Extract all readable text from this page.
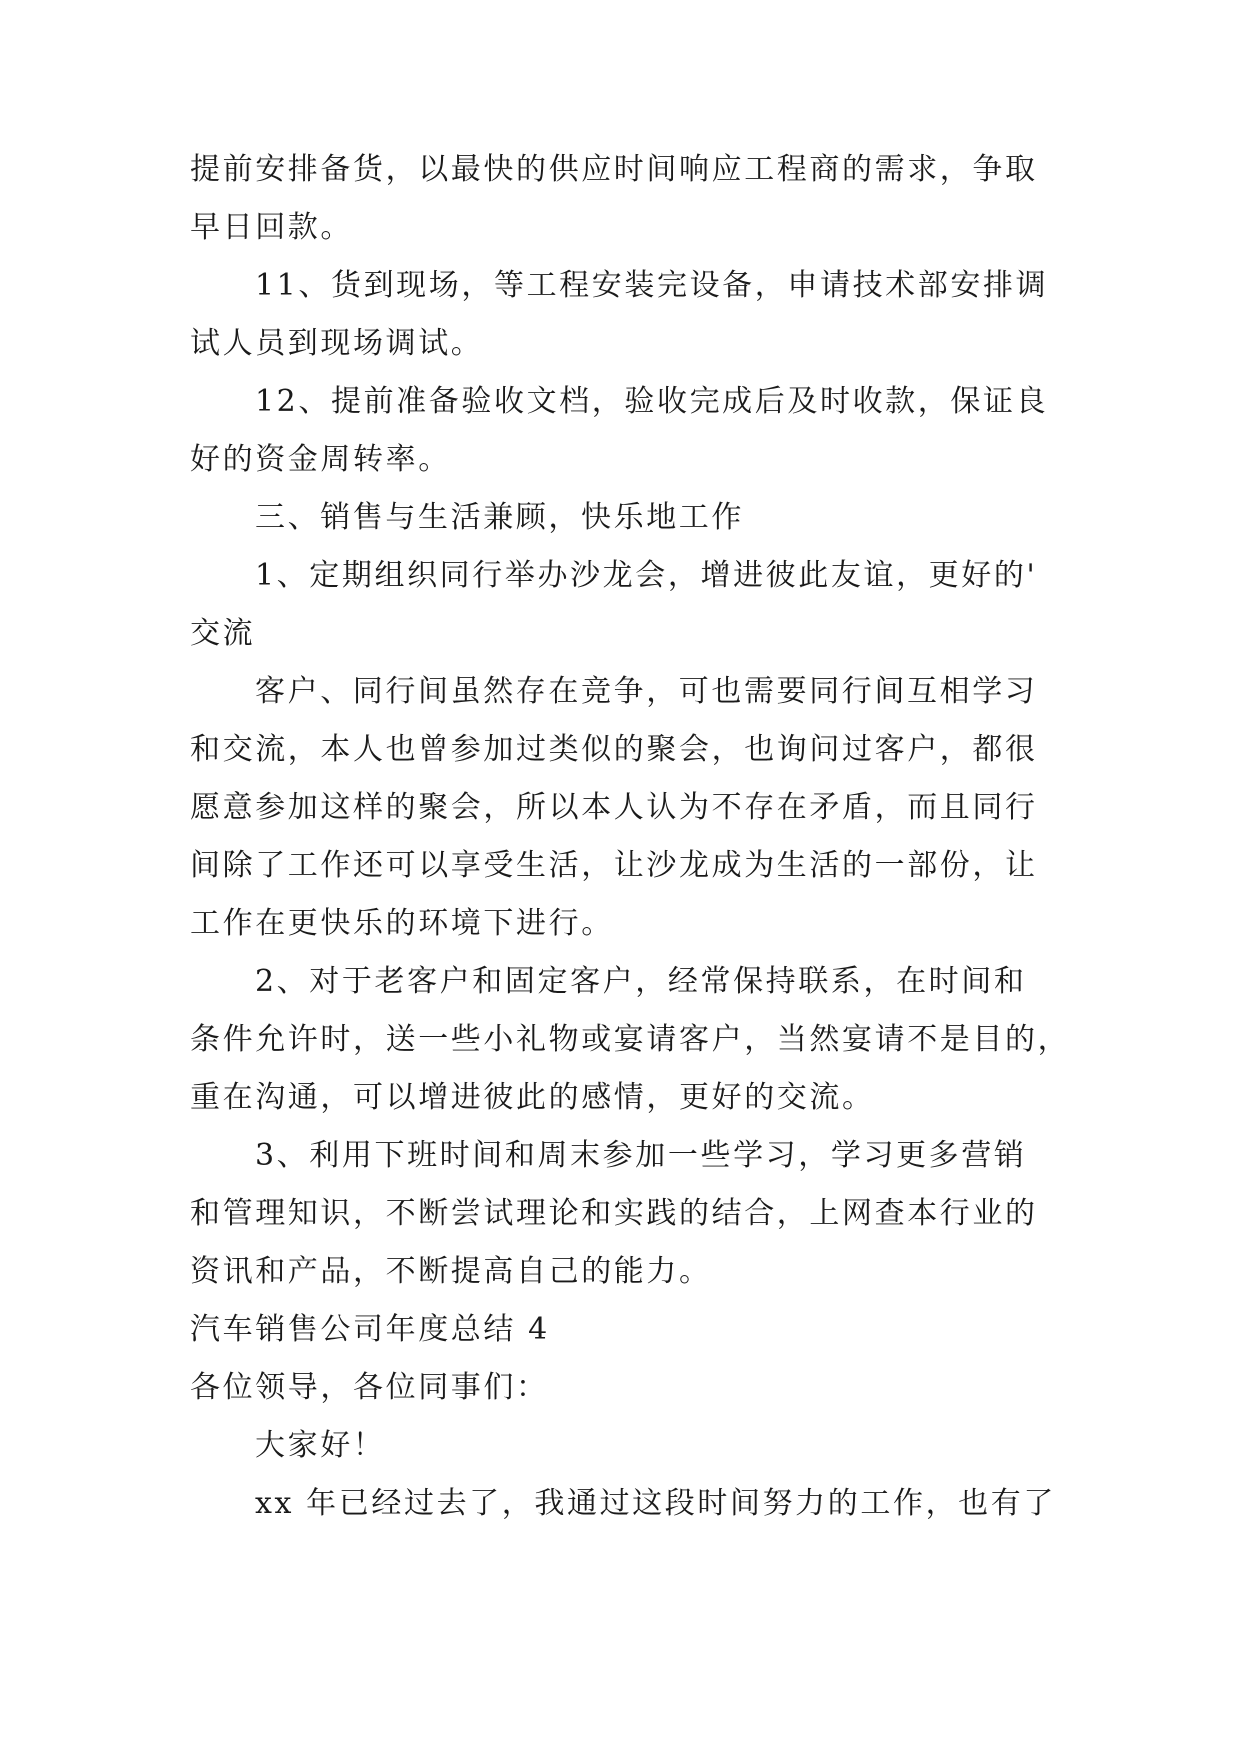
提前安排备货，以最快的供应时间响应工程商的需求，争取
早日回款。
11、货到现场，等工程安装完设备，申请技术部安排调
试人员到现场调试。
12、提前准备验收文档，验收完成后及时收款，保证良
好的资金周转率。
三、销售与生活兼顾，快乐地工作
1、定期组织同行举办沙龙会，增进彼此友谊，更好的'
交流
客户、同行间虽然存在竞争，可也需要同行间互相学习
和交流，本人也曾参加过类似的聚会，也询问过客户，都很
愿意参加这样的聚会，所以本人认为不存在矛盾，而且同行
间除了工作还可以享受生活，让沙龙成为生活的一部份，让
工作在更快乐的环境下进行。
2、对于老客户和固定客户，经常保持联系，在时间和
条件允许时，送一些小礼物或宴请客户，当然宴请不是目的，
重在沟通，可以增进彼此的感情，更好的交流。
3、利用下班时间和周末参加一些学习，学习更多营销
和管理知识，不断尝试理论和实践的结合，上网查本行业的
资讯和产品，不断提高自己的能力。
汽车销售公司年度总结 4
各位领导，各位同事们：
大家好！
xx 年已经过去了，我通过这段时间努力的工作，也有了
